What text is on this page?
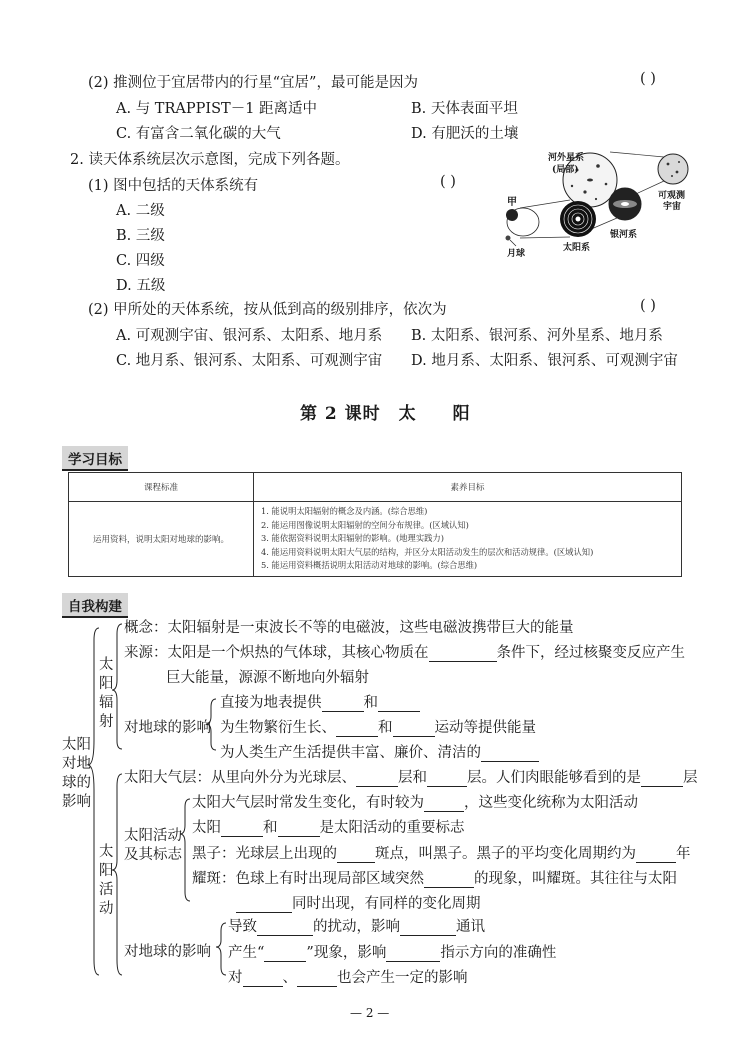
(2) 推测位于宜居带内的行星“宜居”，最可能是因为	( )
A. 与 TRAPPIST－1 距离适中	B. 天体表面平坦
C. 有富含二氧化碳的大气	D. 有肥沃的土壤
2. 读天体系统层次示意图，完成下列各题。
(1) 图中包括的天体系统有	( )
A. 二级
B. 三级
C. 四级
D. 五级
河外星系
(局部)
可观测
宇宙
甲
银河系
太阳系
月球
(2) 甲所处的天体系统，按从低到高的级别排序，依次为	( )
A. 可观测宇宙、银河系、太阳系、地月系 B. 太阳系、银河系、河外星系、地月系
C. 地月系、银河系、太阳系、可观测宇宙 D. 地月系、太阳系、银河系、可观测宇宙
第 2 课时　太　　阳
学习目标
课程标准	素养目标
运用资料，说明太阳对地球的影响。	1. 能说明太阳辐射的概念及内涵。(综合思维)
2. 能运用图像说明太阳辐射的空间分布规律。(区域认知)
3. 能依据资料说明太阳辐射的影响。(地理实践力)
4. 能运用资料说明太阳大气层的结构，并区分太阳活动发生的层次和活动规律。(区域认知)
5. 能运用资料概括说明太阳活动对地球的影响。(综合思维)
自我构建
太阳
对地
球的
影响
太
阳
辐
射
太
阳
活
动
概念：太阳辐射是一束波长不等的电磁波，这些电磁波携带巨大的能量
来源：太阳是一个炽热的气体球，其核心物质在	条件下，经过核聚变反应产生
巨大能量，源源不断地向外辐射
对地球的影响
直接为地表提供	和
为生物繁衍生长、	和	运动等提供能量
为人类生产生活提供丰富、廉价、清洁的
太阳大气层：从里向外分为光球层、	层和	层。人们肉眼能够看到的是	层
太阳活动
及其标志
太阳大气层时常发生变化，有时较为	，这些变化统称为太阳活动
太阳	和	是太阳活动的重要标志
黑子：光球层上出现的	斑点，叫黑子。黑子的平均变化周期约为	年
耀斑：色球上有时出现局部区域突然	的现象，叫耀斑。其往往与太阳
同时出现，有同样的变化周期
对地球的影响
导致	的扰动，影响	通讯
产生“	”现象，影响	指示方向的准确性
对	、	也会产生一定的影响
— 2 —
